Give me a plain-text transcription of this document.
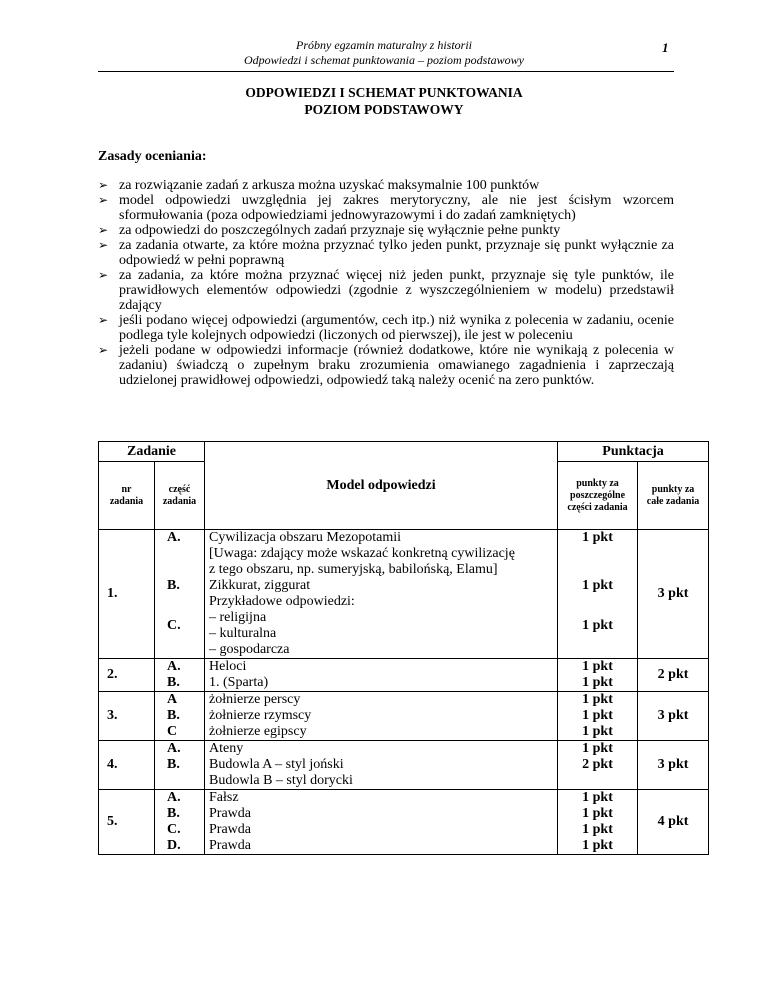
Próbny egzamin maturalny z historii
Odpowiedzi i schemat punktowania – poziom podstawowy
1
ODPOWIEDZI I SCHEMAT PUNKTOWANIA
POZIOM PODSTAWOWY
Zasady oceniania:
➢ za rozwiązanie zadań z arkusza można uzyskać maksymalnie 100 punktów
➢ model odpowiedzi uwzględnia jej zakres merytoryczny, ale nie jest ścisłym wzorcem sformułowania (poza odpowiedziami jednowyrazowymi i do zadań zamkniętych)
➢ za odpowiedzi do poszczególnych zadań przyznaje się wyłącznie pełne punkty
➢ za zadania otwarte, za które można przyznać tylko jeden punkt, przyznaje się punkt wyłącznie za odpowiedź w pełni poprawną
➢ za zadania, za które można przyznać więcej niż jeden punkt, przyznaje się tyle punktów, ile prawidłowych elementów odpowiedzi (zgodnie z wyszczególnieniem w modelu) przedstawił zdający
➢ jeśli podano więcej odpowiedzi (argumentów, cech itp.) niż wynika z polecenia w zadaniu, ocenie podlega tyle kolejnych odpowiedzi (liczonych od pierwszej), ile jest w poleceniu
➢ jeżeli podane w odpowiedzi informacje (również dodatkowe, które nie wynikają z polecenia w zadaniu) świadczą o zupełnym braku zrozumienia omawianego zagadnienia i zaprzeczają udzielonej prawidłowej odpowiedzi, odpowiedź taką należy ocenić na zero punktów.
Zadanie		Model odpowiedzi	Punktacja	
nr zadania	część zadania		punkty za poszczególne części zadania	punkty za całe zadania
1.	A.	Cywilizacja obszaru Mezopotamii
[Uwaga: zdający może wskazać konkretną cywilizację
z tego obszaru, np. sumeryjską, babilońską, Elamu]	1 pkt	3 pkt
	B.	Zikkurat, ziggurat	1 pkt	
	C.	Przykładowe odpowiedzi:
– religijna
– kulturalna
– gospodarcza	1 pkt	
2.	A.	Heloci	1 pkt	2 pkt
	B.	1. (Sparta)	1 pkt	
3.	A	żołnierze perscy	1 pkt	3 pkt
	B.	żołnierze rzymscy	1 pkt	
	C	żołnierze egipscy	1 pkt	
4.	A.	Ateny	1 pkt	3 pkt
	B.	Budowla A – styl joński
Budowla B – styl dorycki	2 pkt	
5.	A.	Fałsz	1 pkt	4 pkt
	B.	Prawda	1 pkt	
	C.	Prawda	1 pkt	
	D.	Prawda	1 pkt	
